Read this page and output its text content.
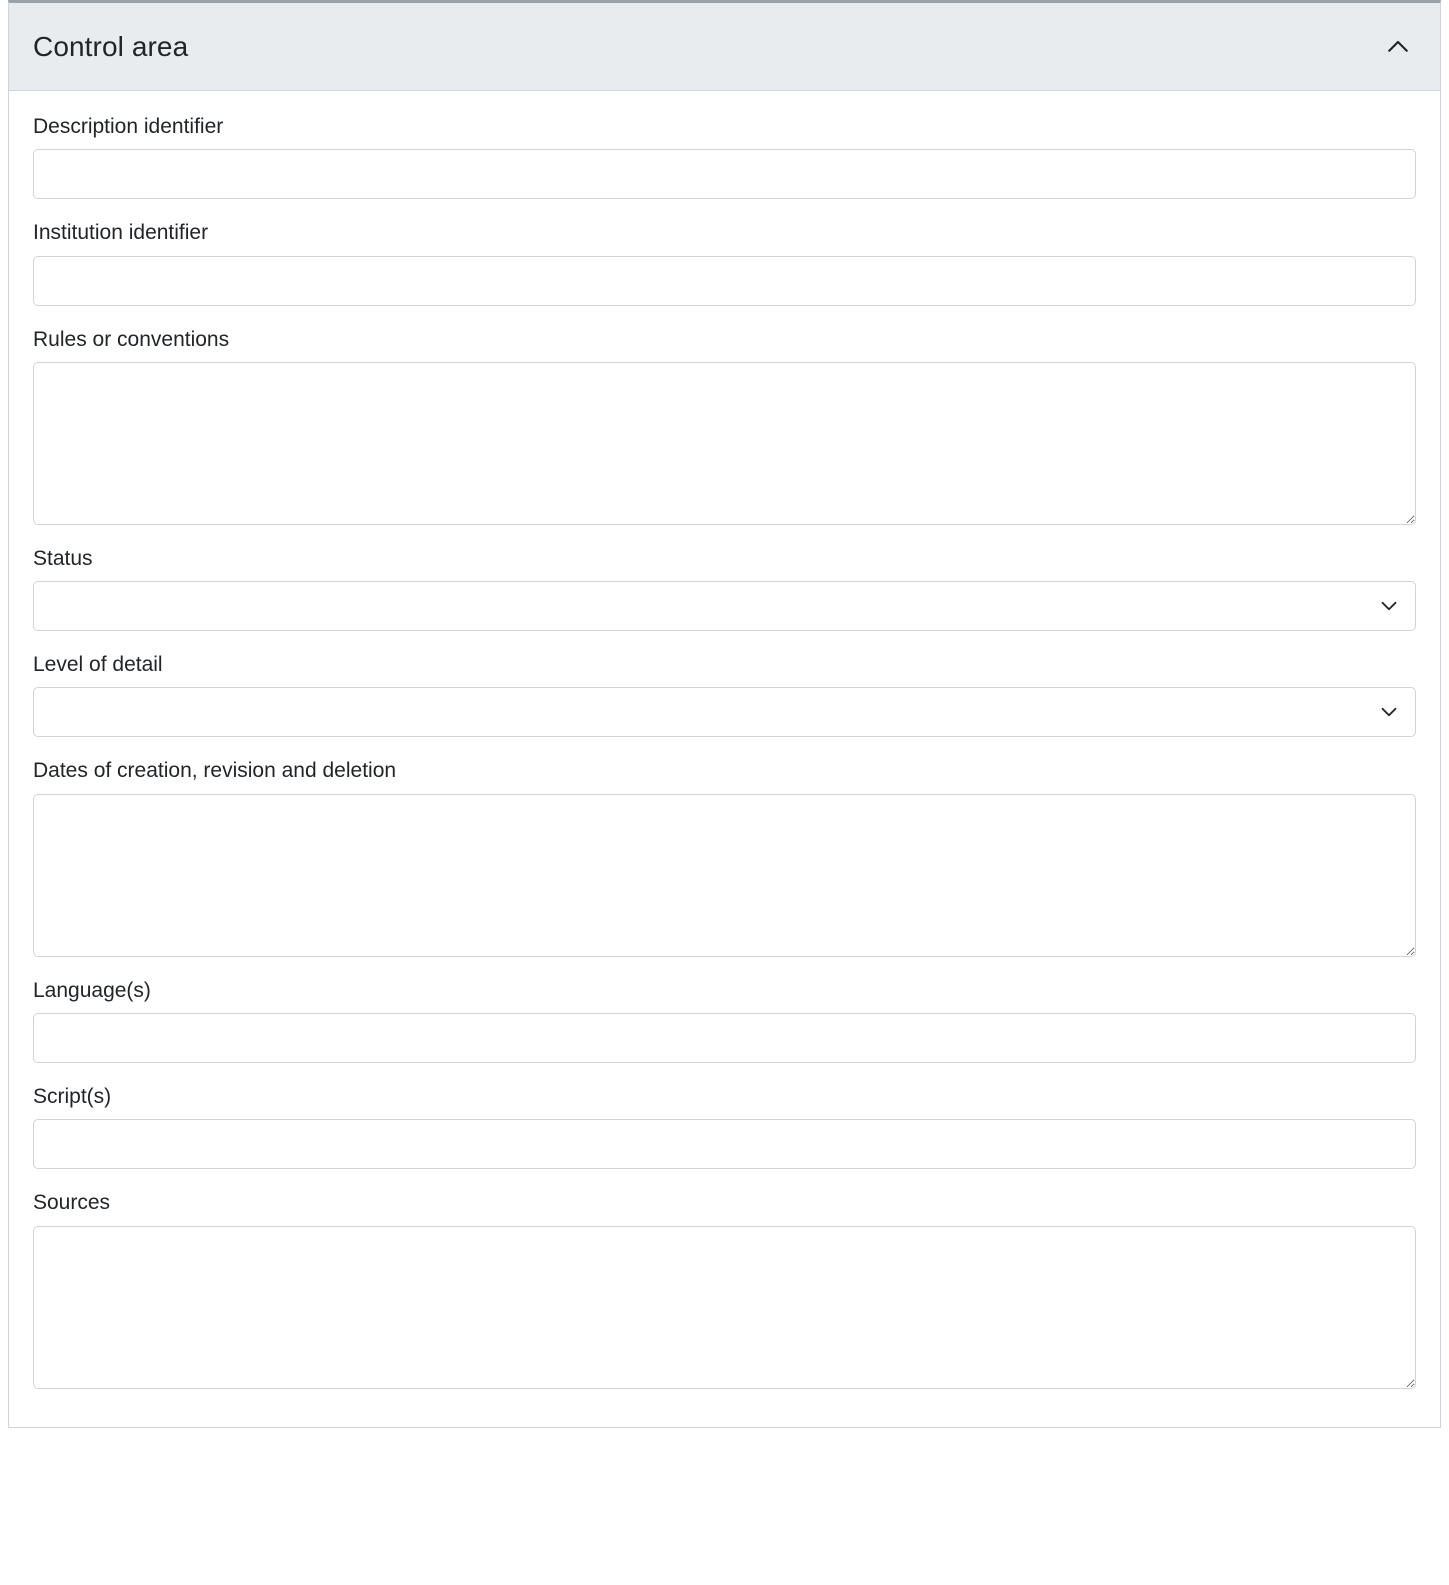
Control area
Description identifier
Institution identifier
Rules or conventions
Status
Level of detail
Dates of creation, revision and deletion
Language(s)
Script(s)
Sources
